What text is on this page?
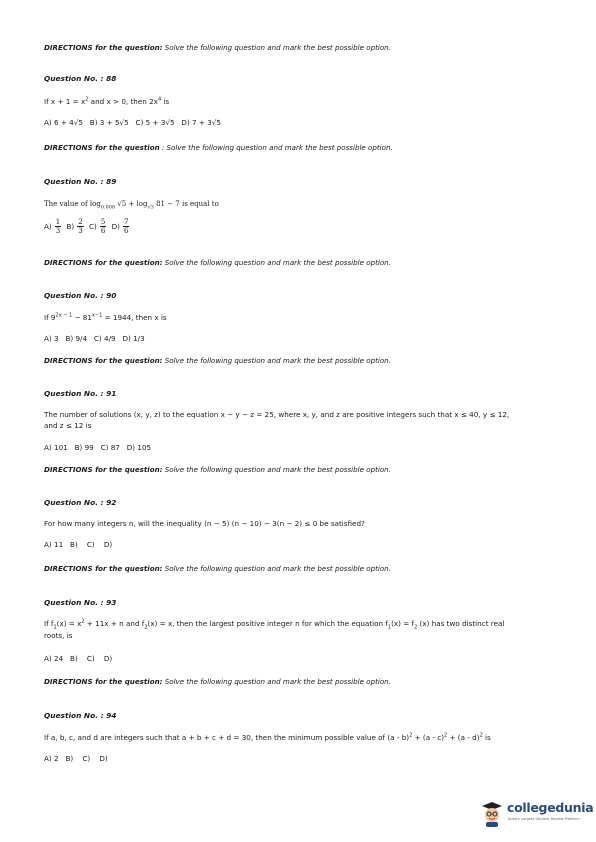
DIRECTIONS for the question: Solve the following question and mark the best possible option.
Question No. : 88
If $x + 1 = x^2$ and x > 0, then $2x^4$ is
A) 6 + 4√5 B) 3 + 5√5 C) 5 + 3√5 D) 7 + 3√5
DIRECTIONS for the question : Solve the following question and mark the best possible option.
Question No. : 89
The value of $\log_{0.008} √5 + \log_{√3} 81 - 7$ is equal to
$A) \frac{1}{3} B) \frac{2}{3} C) \frac{5}{6} D) \frac{7}{6}$
DIRECTIONS for the question: Solve the following question and mark the best possible option.
Question No. : 90
If $9^{2x - 1} - 81^{x-1} = 1944$, then x is
A) 3 B) 9/4 C) 4/9 D) 1/3
DIRECTIONS for the question: Solve the following question and mark the best possible option.
Question No. : 91
The number of solutions (x, y, z) to the equation x − y − z = 25, where x, y, and z are positive integers such that x ≤ 40, y ≤ 12,
and z ≤ 12 is
A) 101 B) 99 C) 87 D) 105
DIRECTIONS for the question: Solve the following question and mark the best possible option.
Question No. : 92
For how many integers n, will the inequality (n − 5) (n − 10) − 3(n − 2) ≤ 0 be satisfied?
A) 11 B) C) D)
DIRECTIONS for the question: Solve the following question and mark the best possible option.
Question No. : 93
If $f_1(x) = x^2 + 11x + n$ and $f_2(x) = x$, then the largest positive integer n for which the equation $f_1(x) = f_2$ (x) has two distinct real
roots, is
A) 24 B) C) D)
DIRECTIONS for the question: Solve the following question and mark the best possible option.
Question No. : 94
If a, b, c, and d are integers such that a + b + c + d = 30, then the minimum possible value of (a - b)$^2$ + (a - c)$^2$ + (a - d)$^2$ is
A) 2 B) C) D)
collegedunia
India's Largest Student Review Platform
